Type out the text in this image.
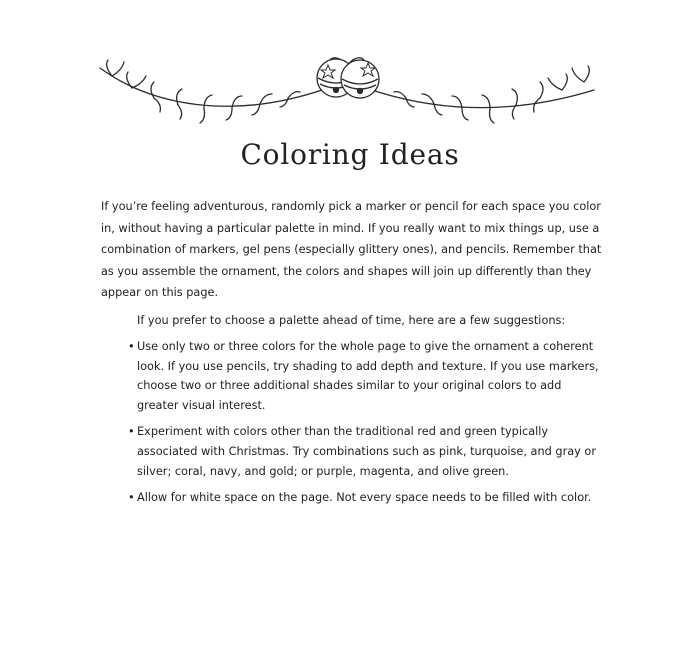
Coloring Ideas

If you’re feeling adventurous, randomly pick a marker or pencil for each space you color in, without having a particular palette in mind. If you really want to mix things up, use a combination of markers, gel pens (especially glittery ones), and pencils. Remember that as you assemble the ornament, the colors and shapes will join up differently than they appear on this page.

If you prefer to choose a palette ahead of time, here are a few suggestions:

• Use only two or three colors for the whole page to give the ornament a coherent look. If you use pencils, try shading to add depth and texture. If you use markers, choose two or three additional shades similar to your original colors to add greater visual interest.
• Experiment with colors other than the traditional red and green typically associated with Christmas. Try combinations such as pink, turquoise, and gray or silver; coral, navy, and gold; or purple, magenta, and olive green.
• Allow for white space on the page. Not every space needs to be filled with color.
